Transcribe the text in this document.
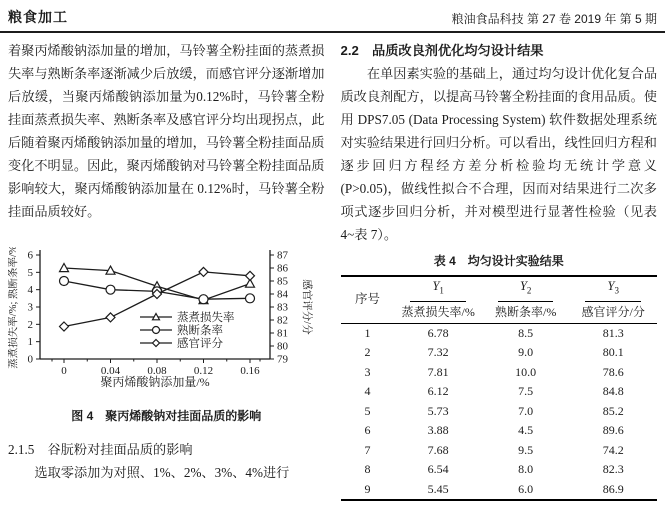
粮食加工	粮油食品科技 第 27 卷 2019 年 第 5 期

着聚丙烯酸钠添加量的增加，马铃薯全粉挂面的蒸煮损失率与熟断条率逐渐减少后放缓，而感官评分逐渐增加后放缓，当聚丙烯酸钠添加量为0.12%时，马铃薯全粉挂面蒸煮损失率、熟断条率及感官评分均出现拐点，此后随着聚丙烯酸钠添加量的增加，马铃薯全粉挂面品质变化不明显。因此，聚丙烯酸钠对马铃薯全粉挂面品质影响较大，聚丙烯酸钠添加量在 0.12%时，马铃薯全粉挂面品质较好。

0
1
2
3
4
5
6
79
80
81
82
83
84
85
86
87
0	0.04 0.08 0.12 0.16
聚丙烯酸钠添加量/%
蒸煮损失率/%; 熟断条率/%	感官评分/分
蒸煮损失率
熟断条率
感官评分
图 4　聚丙烯酸钠对挂面品质的影响

2.1.5　谷朊粉对挂面品质的影响

选取零添加为对照、1%、2%、3%、4%进行

2.2　品质改良剂优化均匀设计结果

在单因素实验的基础上，通过均匀设计优化复合品质改良剂配方，以提高马铃薯全粉挂面的食用品质。使用 DPS7.05 (Data Processing System) 软件数据处理系统对实验结果进行回归分析。可以看出，线性回归方程和逐步回归方程经方差分析检验均无统计学意义 (P>0.05)，做线性拟合不合理，因而对结果进行二次多项式逐步回归分析，并对模型进行显著性检验（见表 4~表 7）。

表 4　均匀设计实验结果
序号	$Y_1$	$Y_2$	$Y_3$

	蒸煮损失率/%	熟断条率/%	感官评分/分
1	6.78	8.5	81.3
2	7.32	9.0	80.1
3	7.81	10.0	78.6
4	6.12	7.5	84.8
5	5.73	7.0	85.2
6	3.88	4.5	89.6
7	7.68	9.5	74.2
8	6.54	8.0	82.3
9	5.45	6.0	86.9
